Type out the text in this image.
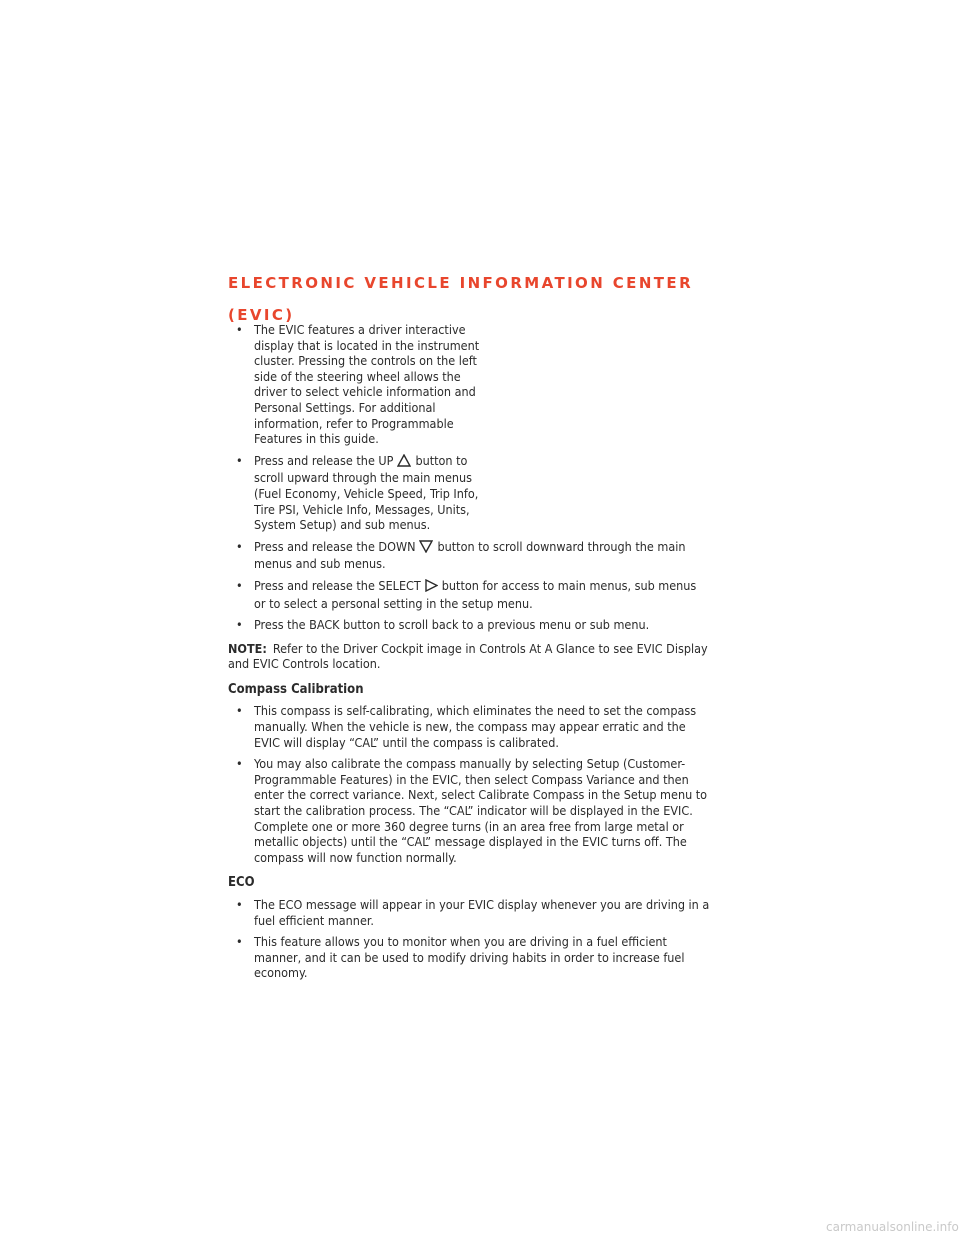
ELECTRONIC VEHICLE INFORMATION CENTER
(EVIC)
• The EVIC features a driver interactive display that is located in the instrument cluster. Pressing the controls on the left side of the steering wheel allows the driver to select vehicle information and Personal Settings. For additional information, refer to Programmable Features in this guide.
• Press and release the UP button to scroll upward through the main menus (Fuel Economy, Vehicle Speed, Trip Info, Tire PSI, Vehicle Info, Messages, Units, System Setup) and sub menus.
• Press and release the DOWN button to scroll downward through the main menus and sub menus.
• Press and release the SELECT button for access to main menus, sub menus or to select a personal setting in the setup menu.
• Press the BACK button to scroll back to a previous menu or sub menu.

NOTE: Refer to the Driver Cockpit image in Controls At A Glance to see EVIC Display and EVIC Controls location.

Compass Calibration
• This compass is self-calibrating, which eliminates the need to set the compass manually. When the vehicle is new, the compass may appear erratic and the EVIC will display “CAL” until the compass is calibrated.
• You may also calibrate the compass manually by selecting Setup (Customer-Programmable Features) in the EVIC, then select Compass Variance and then enter the correct variance. Next, select Calibrate Compass in the Setup menu to start the calibration process. The “CAL” indicator will be displayed in the EVIC. Complete one or more 360 degree turns (in an area free from large metal or metallic objects) until the “CAL” message displayed in the EVIC turns off. The compass will now function normally.
ECO
• The ECO message will appear in your EVIC display whenever you are driving in a fuel efficient manner.
• This feature allows you to monitor when you are driving in a fuel efficient manner, and it can be used to modify driving habits in order to increase fuel economy.
carmanualsonline.info
